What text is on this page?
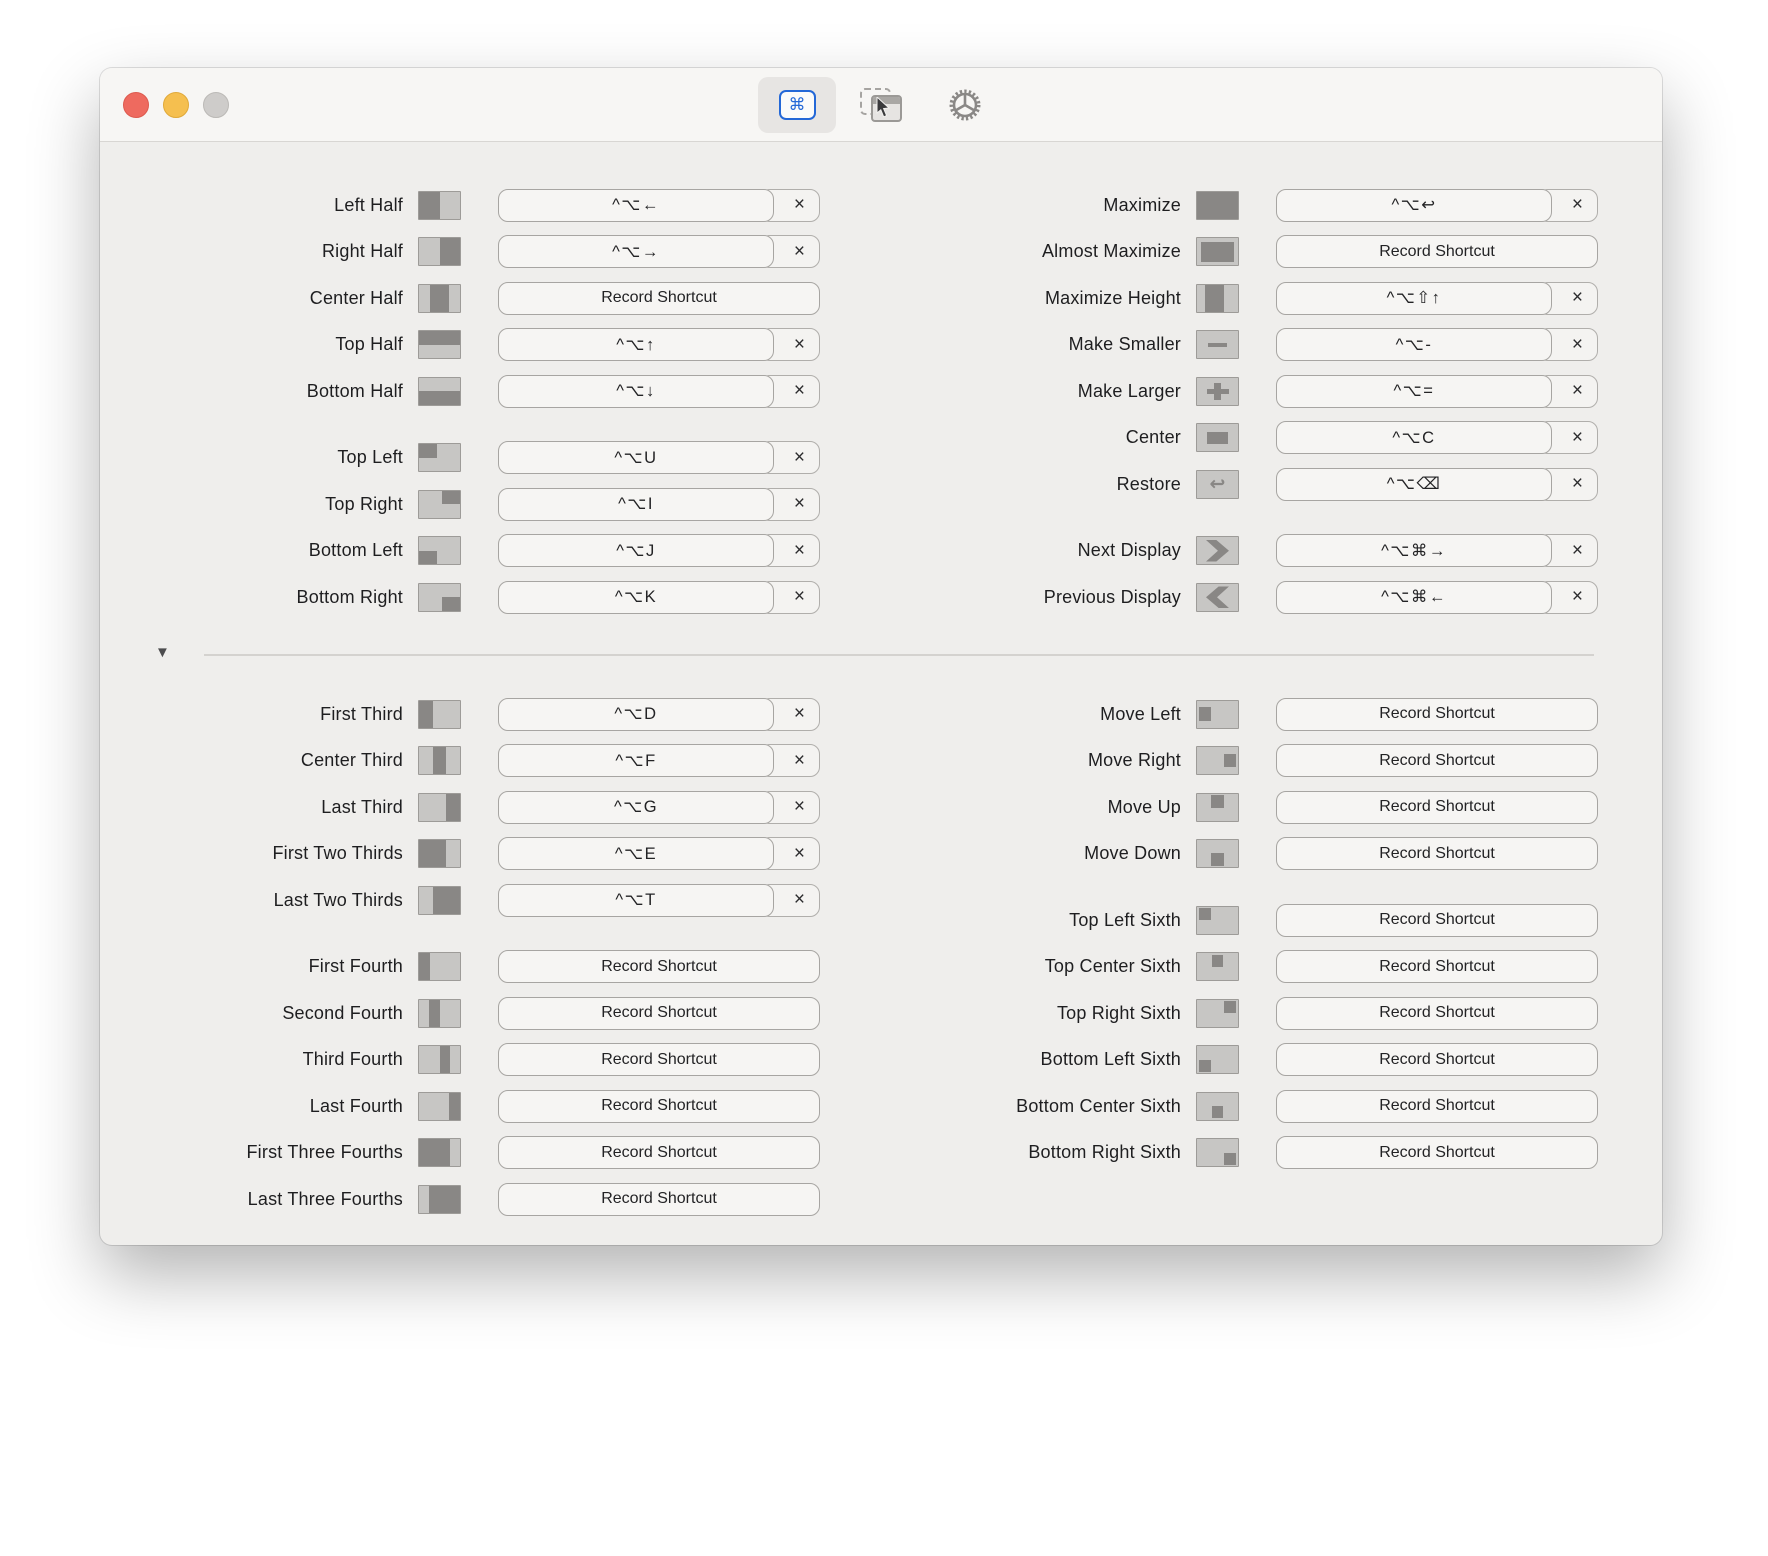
⌘
Left Half	^⌥←	×
Right Half	^⌥→	×
Center Half	Record Shortcut
Top Half	^⌥↑	×
Bottom Half	^⌥↓	×
Top Left	^⌥U	×
Top Right	^⌥I	×
Bottom Left	^⌥J	×
Bottom Right	^⌥K	×
Maximize	^⌥↩	×
Almost Maximize	Record Shortcut
Maximize Height	^⌥⇧↑	×
Make Smaller	^⌥-	×
Make Larger	^⌥=	×
Center	^⌥C	×
Restore ↩	^⌥⌫	×
Next Display	^⌥⌘→	×
Previous Display	^⌥⌘←	×
▼
First Third	^⌥D	×
Center Third	^⌥F	×
Last Third	^⌥G	×
First Two Thirds	^⌥E	×
Last Two Thirds	^⌥T	×
First Fourth	Record Shortcut
Second Fourth	Record Shortcut
Third Fourth	Record Shortcut
Last Fourth	Record Shortcut
First Three Fourths	Record Shortcut
Last Three Fourths	Record Shortcut
Move Left	Record Shortcut
Move Right	Record Shortcut
Move Up	Record Shortcut
Move Down	Record Shortcut
Top Left Sixth	Record Shortcut
Top Center Sixth	Record Shortcut
Top Right Sixth	Record Shortcut
Bottom Left Sixth	Record Shortcut
Bottom Center Sixth	Record Shortcut
Bottom Right Sixth	Record Shortcut
